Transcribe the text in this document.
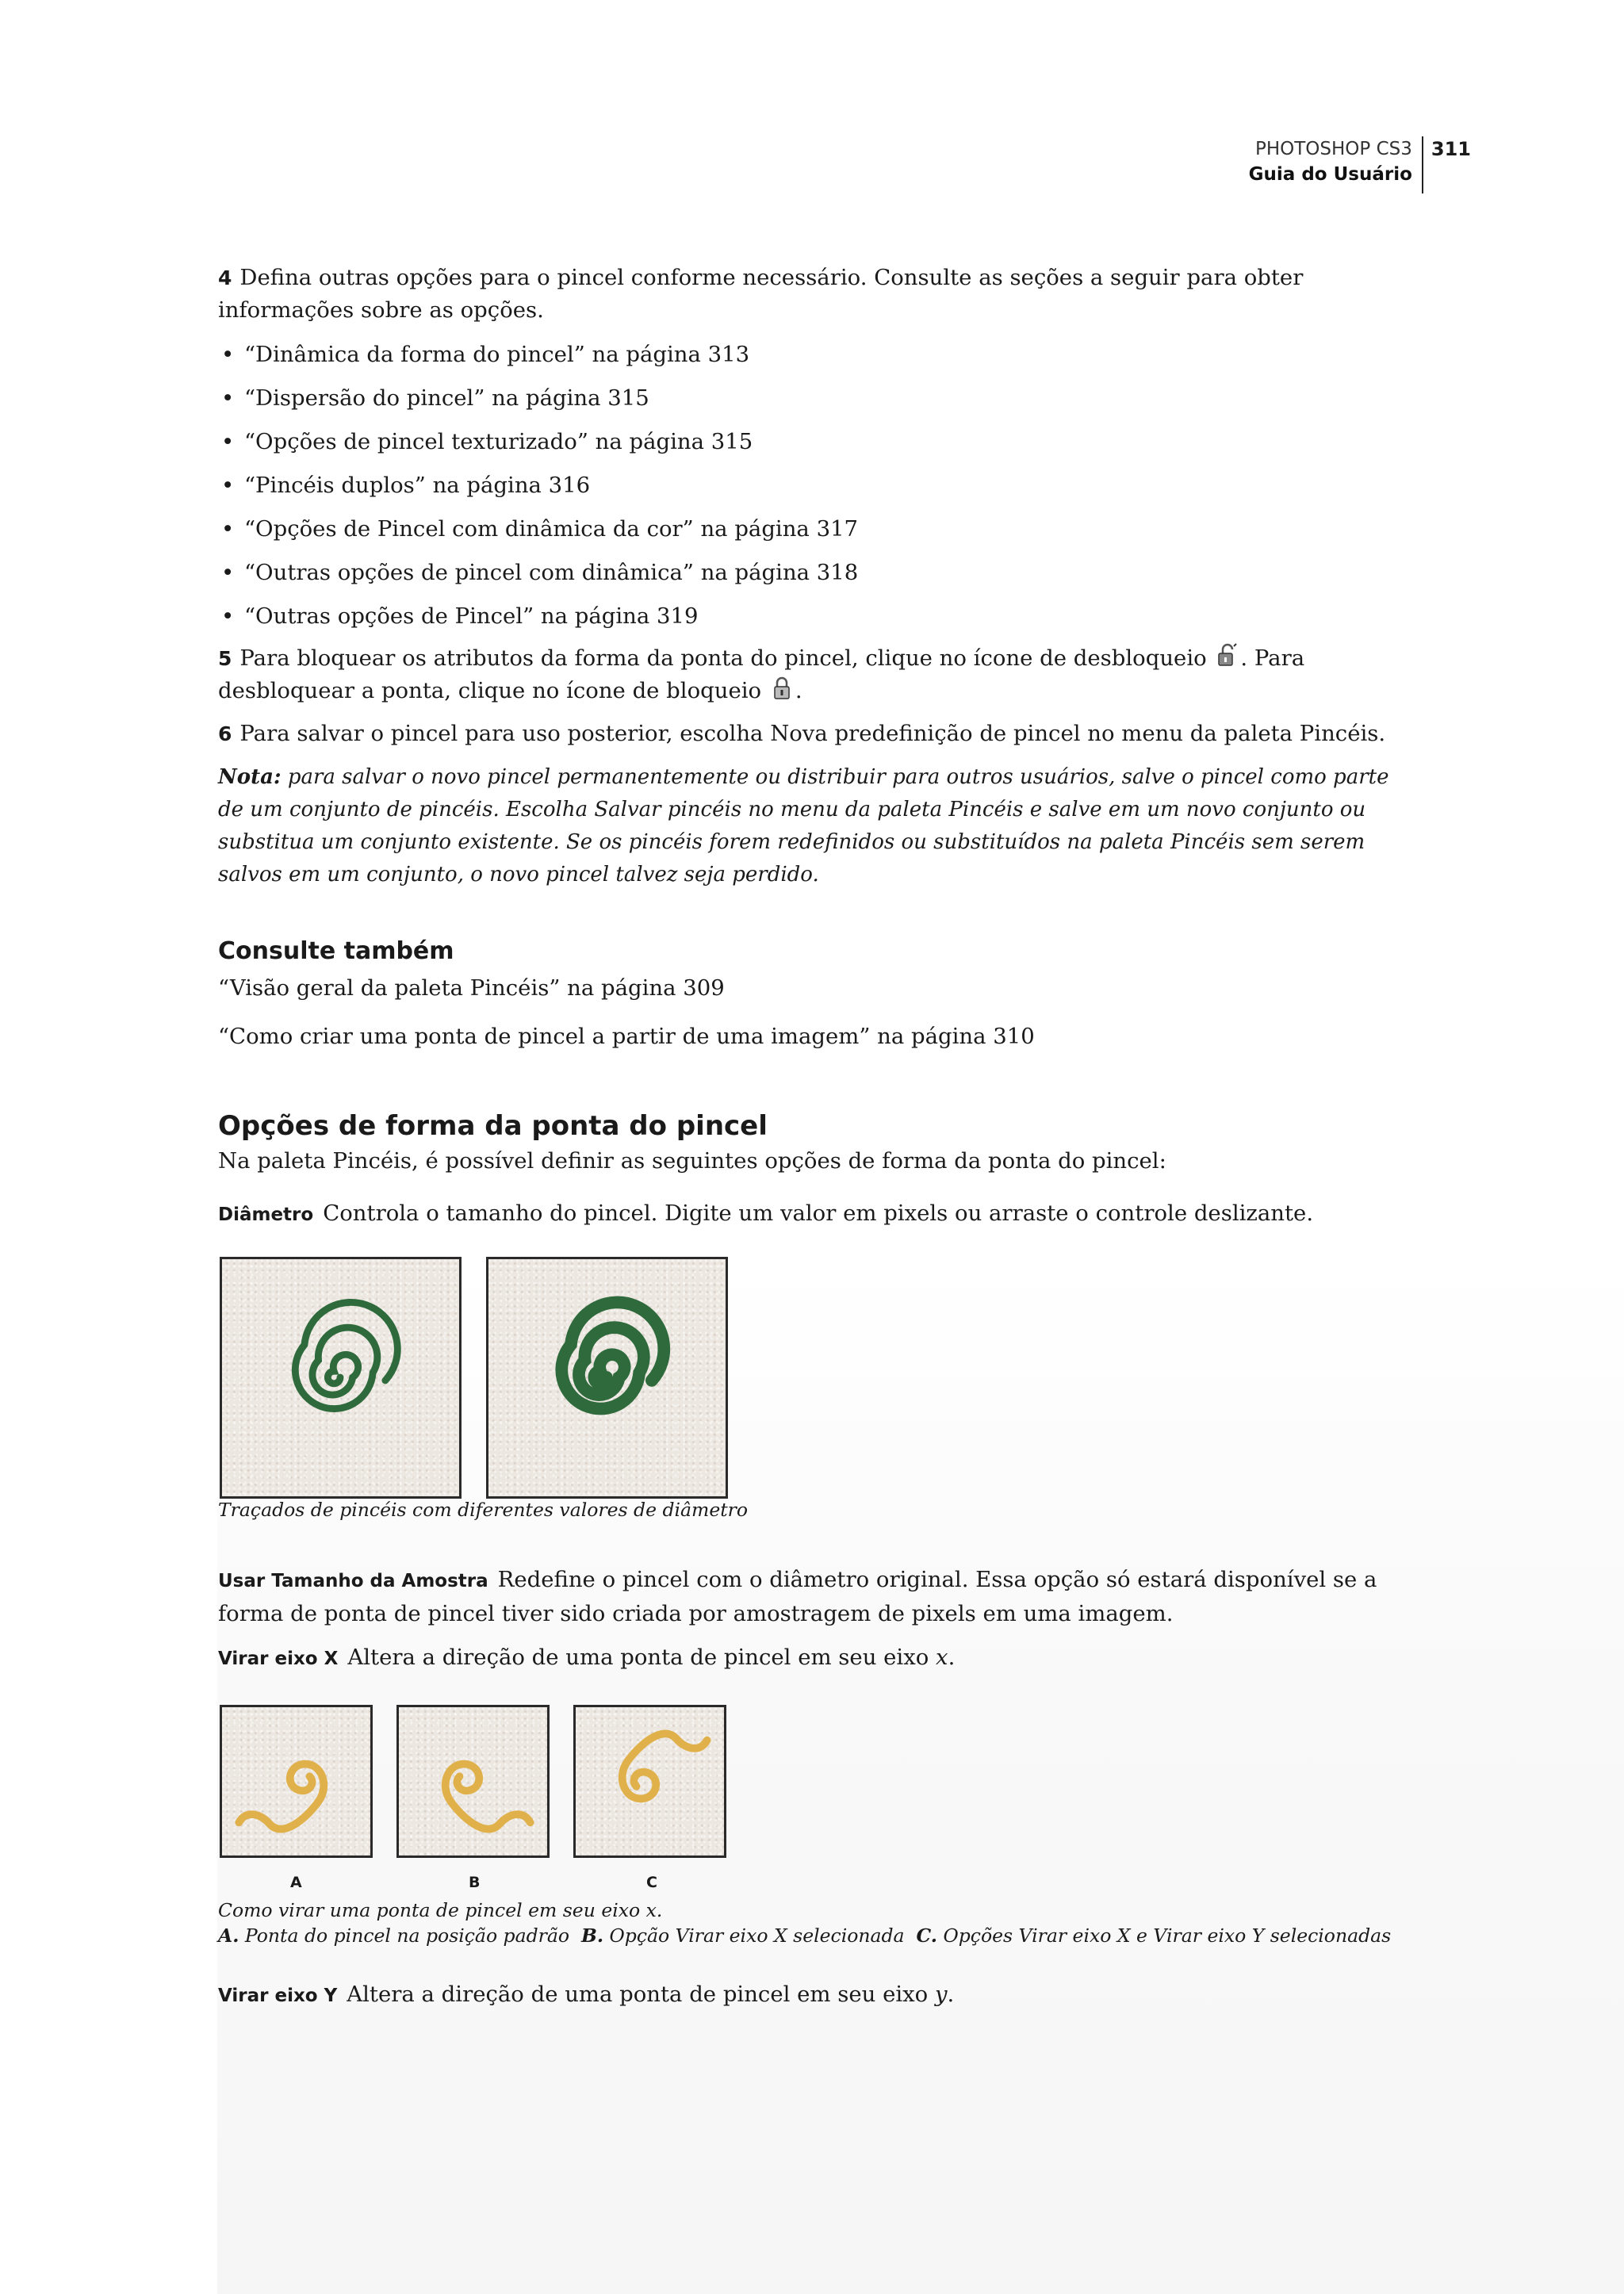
PHOTOSHOP CS3
Guia do Usuário
311

4 Defina outras opções para o pincel conforme necessário. Consulte as seções a seguir para obter informações sobre as opções.

• “Dinâmica da forma do pincel” na página 313
• “Dispersão do pincel” na página 315
• “Opções de pincel texturizado” na página 315
• “Pincéis duplos” na página 316
• “Opções de Pincel com dinâmica da cor” na página 317
• “Outras opções de pincel com dinâmica” na página 318
• “Outras opções de Pincel” na página 319

5 Para bloquear os atributos da forma da ponta do pincel, clique no ícone de desbloqueio . Para desbloquear a ponta, clique no ícone de bloqueio .

6 Para salvar o pincel para uso posterior, escolha Nova predefinição de pincel no menu da paleta Pincéis.

Nota: para salvar o novo pincel permanentemente ou distribuir para outros usuários, salve o pincel como parte de um conjunto de pincéis. Escolha Salvar pincéis no menu da paleta Pincéis e salve em um novo conjunto ou substitua um conjunto existente. Se os pincéis forem redefinidos ou substituídos na paleta Pincéis sem serem salvos em um conjunto, o novo pincel talvez seja perdido.

Consulte também

“Visão geral da paleta Pincéis” na página 309

“Como criar uma ponta de pincel a partir de uma imagem” na página 310

Opções de forma da ponta do pincel

Na paleta Pincéis, é possível definir as seguintes opções de forma da ponta do pincel:

Diâmetro Controla o tamanho do pincel. Digite um valor em pixels ou arraste o controle deslizante.

Traçados de pincéis com diferentes valores de diâmetro

Usar Tamanho da Amostra Redefine o pincel com o diâmetro original. Essa opção só estará disponível se a forma de ponta de pincel tiver sido criada por amostragem de pixels em uma imagem.

Virar eixo X Altera a direção de uma ponta de pincel em seu eixo x.

A	B	C

Como virar uma ponta de pincel em seu eixo x.

A. Ponta do pincel na posição padrão B. Opção Virar eixo X selecionada C. Opções Virar eixo X e Virar eixo Y selecionadas

Virar eixo Y Altera a direção de uma ponta de pincel em seu eixo y.
